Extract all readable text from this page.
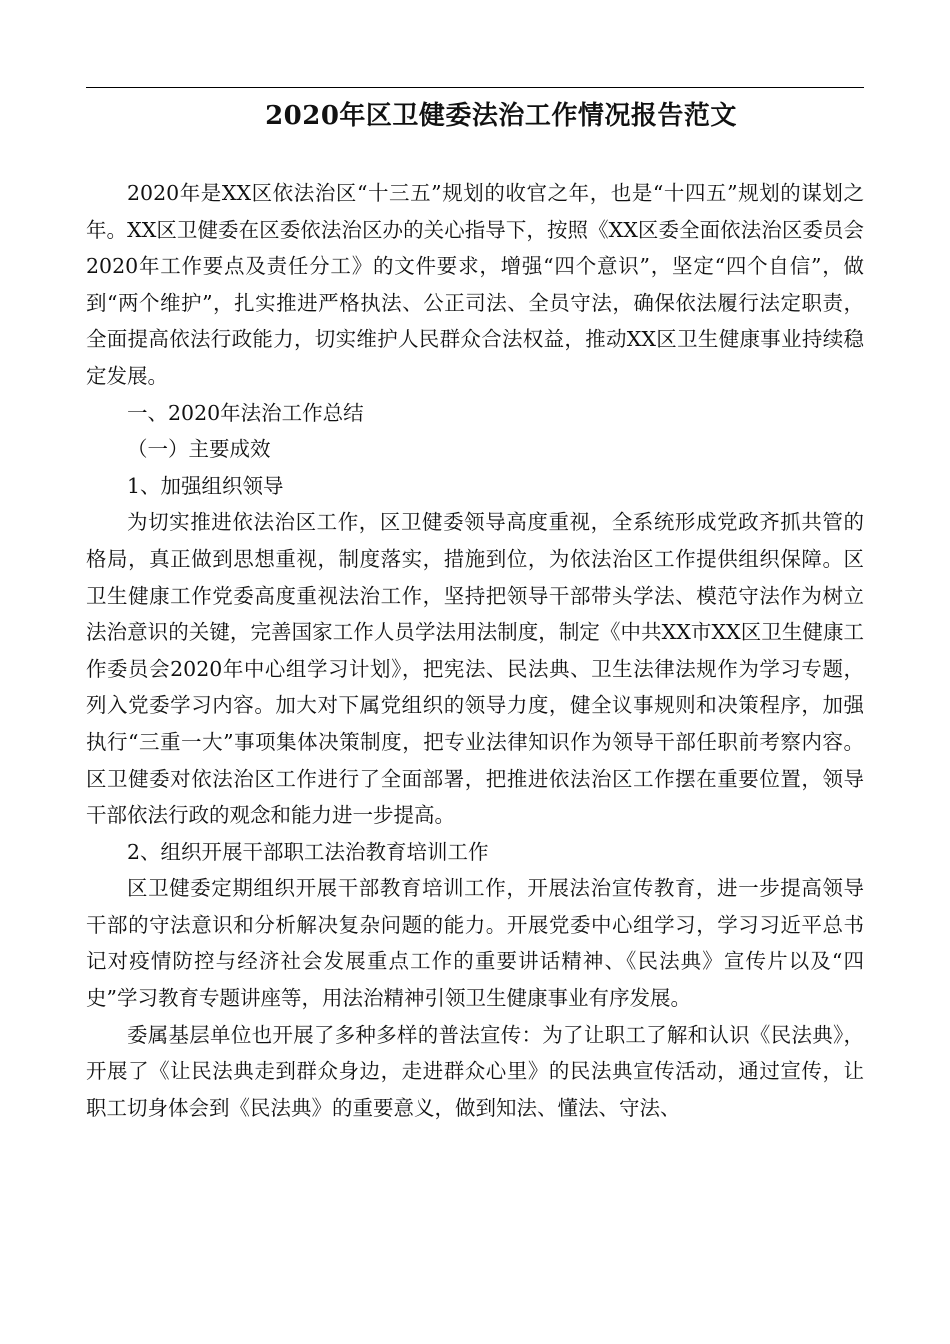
2020年区卫健委法治工作情况报告范文

2020年是XX区依法治区“十三五”规划的收官之年，也是“十四五”规划的谋划之年。XX区卫健委在区委依法治区办的关心指导下，按照《XX区委全面依法治区委员会2020年工作要点及责任分工》的文件要求，增强“四个意识”，坚定“四个自信”，做到“两个维护”，扎实推进严格执法、公正司法、全员守法，确保依法履行法定职责，全面提高依法行政能力，切实维护人民群众合法权益，推动XX区卫生健康事业持续稳定发展。

一、2020年法治工作总结

（一）主要成效

1、加强组织领导

为切实推进依法治区工作，区卫健委领导高度重视，全系统形成党政齐抓共管的格局，真正做到思想重视，制度落实，措施到位，为依法治区工作提供组织保障。区卫生健康工作党委高度重视法治工作，坚持把领导干部带头学法、模范守法作为树立法治意识的关键，完善国家工作人员学法用法制度，制定《中共XX市XX区卫生健康工作委员会2020年中心组学习计划》，把宪法、民法典、卫生法律法规作为学习专题，列入党委学习内容。加大对下属党组织的领导力度，健全议事规则和决策程序，加强执行“三重一大”事项集体决策制度，把专业法律知识作为领导干部任职前考察内容。区卫健委对依法治区工作进行了全面部署，把推进依法治区工作摆在重要位置，领导干部依法行政的观念和能力进一步提高。

2、组织开展干部职工法治教育培训工作

区卫健委定期组织开展干部教育培训工作，开展法治宣传教育，进一步提高领导干部的守法意识和分析解决复杂问题的能力。开展党委中心组学习，学习习近平总书记对疫情防控与经济社会发展重点工作的重要讲话精神、《民法典》宣传片以及“四史”学习教育专题讲座等，用法治精神引领卫生健康事业有序发展。

委属基层单位也开展了多种多样的普法宣传：为了让职工了解和认识《民法典》，开展了《让民法典走到群众身边，走进群众心里》的民法典宣传活动，通过宣传，让职工切身体会到《民法典》的重要意义，做到知法、懂法、守法、
